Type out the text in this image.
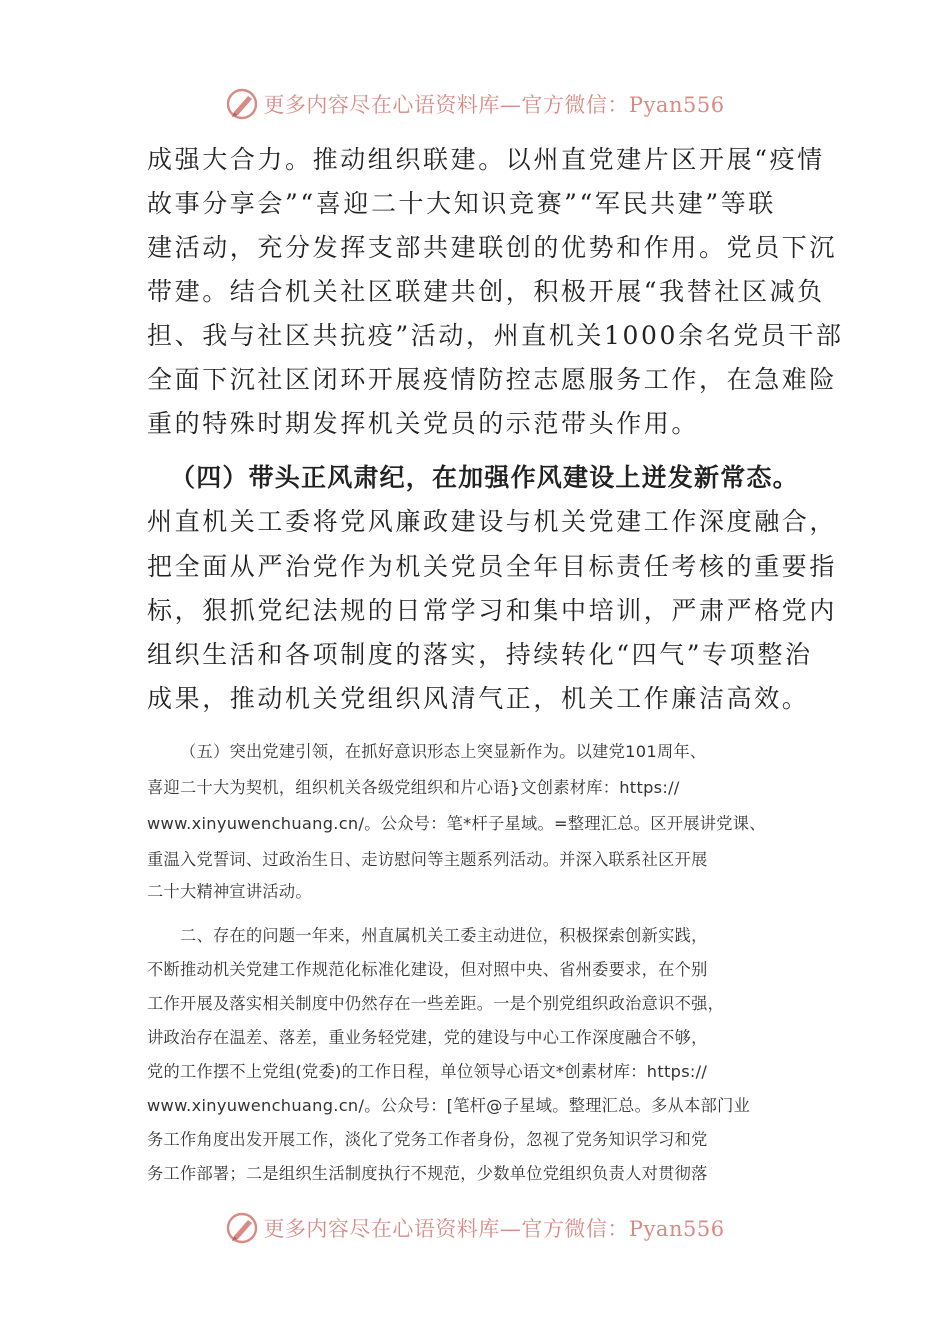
更多内容尽在心语资料库—官方微信：Pyan556
成强大合力。推动组织联建。以州直党建片区开展“疫情
故事分享会”“喜迎二十大知识竞赛”“军民共建”等联
建活动，充分发挥支部共建联创的优势和作用。党员下沉
带建。结合机关社区联建共创，积极开展“我替社区减负
担、我与社区共抗疫”活动，州直机关1000余名党员干部
全面下沉社区闭环开展疫情防控志愿服务工作，在急难险
重的特殊时期发挥机关党员的示范带头作用。
（四）带头正风肃纪，在加强作风建设上迸发新常态。
州直机关工委将党风廉政建设与机关党建工作深度融合，
把全面从严治党作为机关党员全年目标责任考核的重要指
标，狠抓党纪法规的日常学习和集中培训，严肃严格党内
组织生活和各项制度的落实，持续转化“四气”专项整治
成果，推动机关党组织风清气正，机关工作廉洁高效。
（五）突出党建引领，在抓好意识形态上突显新作为。以建党101周年、
喜迎二十大为契机，组织机关各级党组织和片心语}文创素材库：https://
www.xinyuwenchuang.cn/。公众号：笔*杆子星域。=整理汇总。区开展讲党课、
重温入党誓词、过政治生日、走访慰问等主题系列活动。并深入联系社区开展
二十大精神宣讲活动。
二、存在的问题一年来，州直属机关工委主动进位，积极探索创新实践，
不断推动机关党建工作规范化标准化建设，但对照中央、省州委要求，在个别
工作开展及落实相关制度中仍然存在一些差距。一是个别党组织政治意识不强，
讲政治存在温差、落差，重业务轻党建，党的建设与中心工作深度融合不够，
党的工作摆不上党组(党委)的工作日程，单位领导心语文*创素材库：https://
www.xinyuwenchuang.cn/。公众号：[笔杆@子星域。整理汇总。多从本部门业
务工作角度出发开展工作，淡化了党务工作者身份，忽视了党务知识学习和党
务工作部署；二是组织生活制度执行不规范，少数单位党组织负责人对贯彻落
更多内容尽在心语资料库—官方微信：Pyan556
